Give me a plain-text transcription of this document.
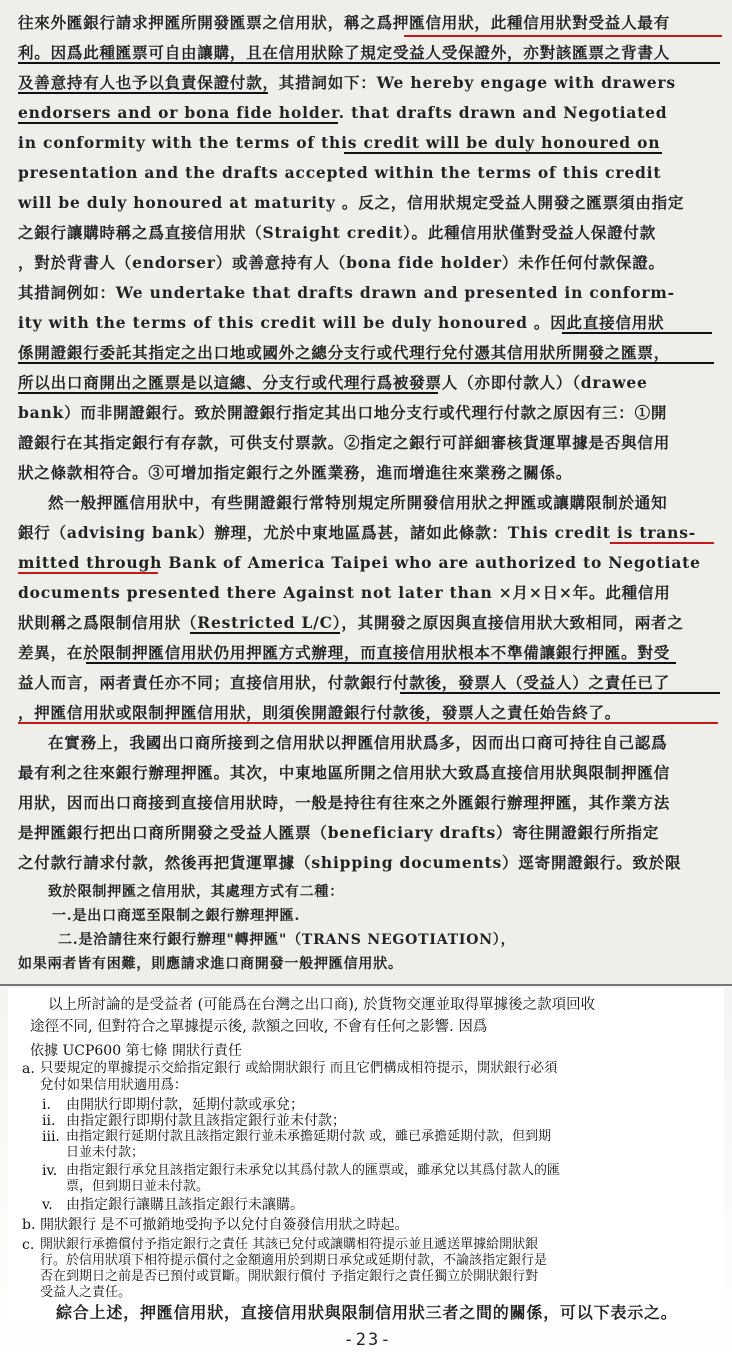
往來外匯銀行請求押匯所開發匯票之信用狀，稱之爲押匯信用狀，此種信用狀對受益人最有
利。因爲此種匯票可自由讓購，且在信用狀除了規定受益人受保證外，亦對該匯票之背書人
及善意持有人也予以負責保證付款，其措詞如下：We hereby engage with drawers
endorsers and or bona fide holder. that drafts drawn and Negotiated
in conformity with the terms of this credit will be duly honoured on
presentation and the drafts accepted within the terms of this credit
will be duly honoured at maturity 。反之，信用狀規定受益人開發之匯票須由指定
之銀行讓購時稱之爲直接信用狀（Straight credit）。此種信用狀僅對受益人保證付款
，對於背書人（endorser）或善意持有人（bona fide holder）未作任何付款保證。
其措詞例如：We undertake that drafts drawn and presented in conform-
ity with the terms of this credit will be duly honoured 。因此直接信用狀
係開證銀行委託其指定之出口地或國外之總分支行或代理行兌付憑其信用狀所開發之匯票，
所以出口商開出之匯票是以這總、分支行或代理行爲被發票人（亦即付款人）（drawee
bank）而非開證銀行。致於開證銀行指定其出口地分支行或代理行付款之原因有三：①開
證銀行在其指定銀行有存款，可供支付票款。②指定之銀行可詳細審核貨運單據是否與信用
狀之條款相符合。③可增加指定銀行之外匯業務，進而增進往來業務之關係。
然一般押匯信用狀中，有些開證銀行常特別規定所開發信用狀之押匯或讓購限制於通知
銀行（advising bank）辦理，尤於中東地區爲甚，諸如此條款：This credit is trans-
mitted through Bank of America Taipei who are authorized to Negotiate
documents presented there Against not later than ×月×日×年。此種信用
狀則稱之爲限制信用狀（Restricted L/C），其開發之原因與直接信用狀大致相同，兩者之
差異，在於限制押匯信用狀仍用押匯方式辦理，而直接信用狀根本不準備讓銀行押匯。對受
益人而言，兩者責任亦不同；直接信用狀，付款銀行付款後，發票人（受益人）之責任已了
，押匯信用狀或限制押匯信用狀，則須俟開證銀行付款後，發票人之責任始告終了。
在實務上，我國出口商所接到之信用狀以押匯信用狀爲多，因而出口商可持往自己認爲
最有利之往來銀行辦理押匯。其次，中東地區所開之信用狀大致爲直接信用狀與限制押匯信
用狀，因而出口商接到直接信用狀時，一般是持往有往來之外匯銀行辦理押匯，其作業方法
是押匯銀行把出口商所開發之受益人匯票（beneficiary drafts）寄往開證銀行所指定
之付款行請求付款，然後再把貨運單據（shipping documents）逕寄開證銀行。致於限
致於限制押匯之信用狀，其處理方式有二種：
一.是出口商逕至限制之銀行辦理押匯.
二.是洽請往來行銀行辦理"轉押匯"（TRANS NEGOTIATION），
如果兩者皆有困難，則應請求進口商開發一般押匯信用狀。
以上所討論的是受益者 (可能爲在台灣之出口商), 於貨物交運並取得單據後之款項回收
途徑不同, 但對符合之單據提示後, 款額之回收, 不會有任何之影響. 因爲
依據 UCP600 第七條 開狀行責任
a. 只要規定的單據提示交給指定銀行 或給開狀銀行 而且它們構成相符提示，開狀銀行必須
兌付如果信用狀適用爲：
i.	由開狀行即期付款，延期付款或承兌；
ii. 由指定銀行即期付款且該指定銀行並未付款；
iii. 由指定銀行延期付款且該指定銀行並未承擔延期付款 或，雖已承擔延期付款，但到期
日並未付款；
iv. 由指定銀行承兌且該指定銀行未承兌以其爲付款人的匯票或，雖承兌以其爲付款人的匯
票，但到期日並未付款。
v. 由指定銀行讓購且該指定銀行未讓購。
b. 開狀銀行 是不可撤銷地受拘予以兌付自簽發信用狀之時起。
c. 開狀銀行承擔償付予指定銀行之責任 其該已兌付或讓購相符提示並且遞送單據給開狀銀
行。於信用狀項下相符提示償付之金額適用於到期日承兌或延期付款，不論該指定銀行是
否在到期日之前是否已預付或買斷。開狀銀行償付 予指定銀行之責任獨立於開狀銀行對
受益人之責任。
綜合上述，押匯信用狀，直接信用狀與限制信用狀三者之間的關係，可以下表示之。
-23-
